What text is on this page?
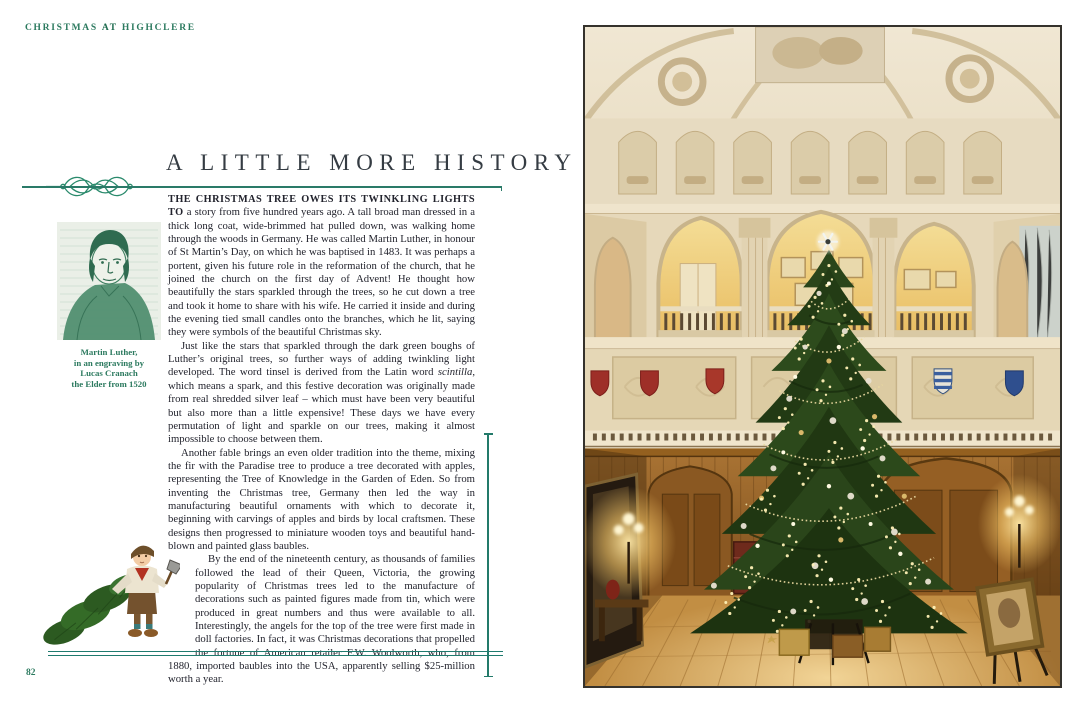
CHRISTMAS AT HIGHCLERE
A LITTLE MORE HISTORY
Martin Luther,
in an engraving by
Lucas Cranach
the Elder from 1520

THE CHRISTMAS TREE OWES ITS TWINKLING LIGHTS TO a story from five hundred years ago. A tall broad man dressed in a thick long coat, wide-brimmed hat pulled down, was walking home through the woods in Germany. He was called Martin Luther, in honour of St Martin’s Day, on which he was baptised in 1483. It was perhaps a portent, given his future role in the reformation of the church, that he joined the church on the first day of Advent! He thought how beautifully the stars sparkled through the trees, so he cut down a tree and took it home to share with his wife. He carried it inside and during the evening tied small candles onto the branches, which he lit, saying they were symbols of the beautiful Christmas sky.

Just like the stars that sparkled through the dark green boughs of Luther’s original trees, so further ways of adding twinkling light developed. The word tinsel is derived from the Latin word scintilla, which means a spark, and this festive decoration was originally made from real shredded silver leaf – which must have been very beautiful but also more than a little expensive! These days we have every permutation of light and sparkle on our trees, making it almost impossible to choose between them.

Another fable brings an even older tradition into the theme, mixing the fir with the Paradise tree to produce a tree decorated with apples, representing the Tree of Knowledge in the Garden of Eden. So from inventing the Christmas tree, Germany then led the way in manufacturing beautiful ornaments with which to decorate it, beginning with carvings of apples and birds by local craftsmen. These designs then progressed to miniature wooden toys and beautiful hand-blown and painted glass baubles.

By the end of the nineteenth century, as thousands of families followed the lead of their Queen, Victoria, the growing popularity of Christmas trees led to the manufacture of decorations such as painted figures made from tin, which were produced in great numbers and thus were available to all. Interestingly, the angels for the top of the tree were first made in doll factories. In fact, it was Christmas decorations that propelled the fortune of American retailer F.W. Woolworth, who, from 1880, imported baubles into the USA, apparently selling $25-million worth a year.

82
